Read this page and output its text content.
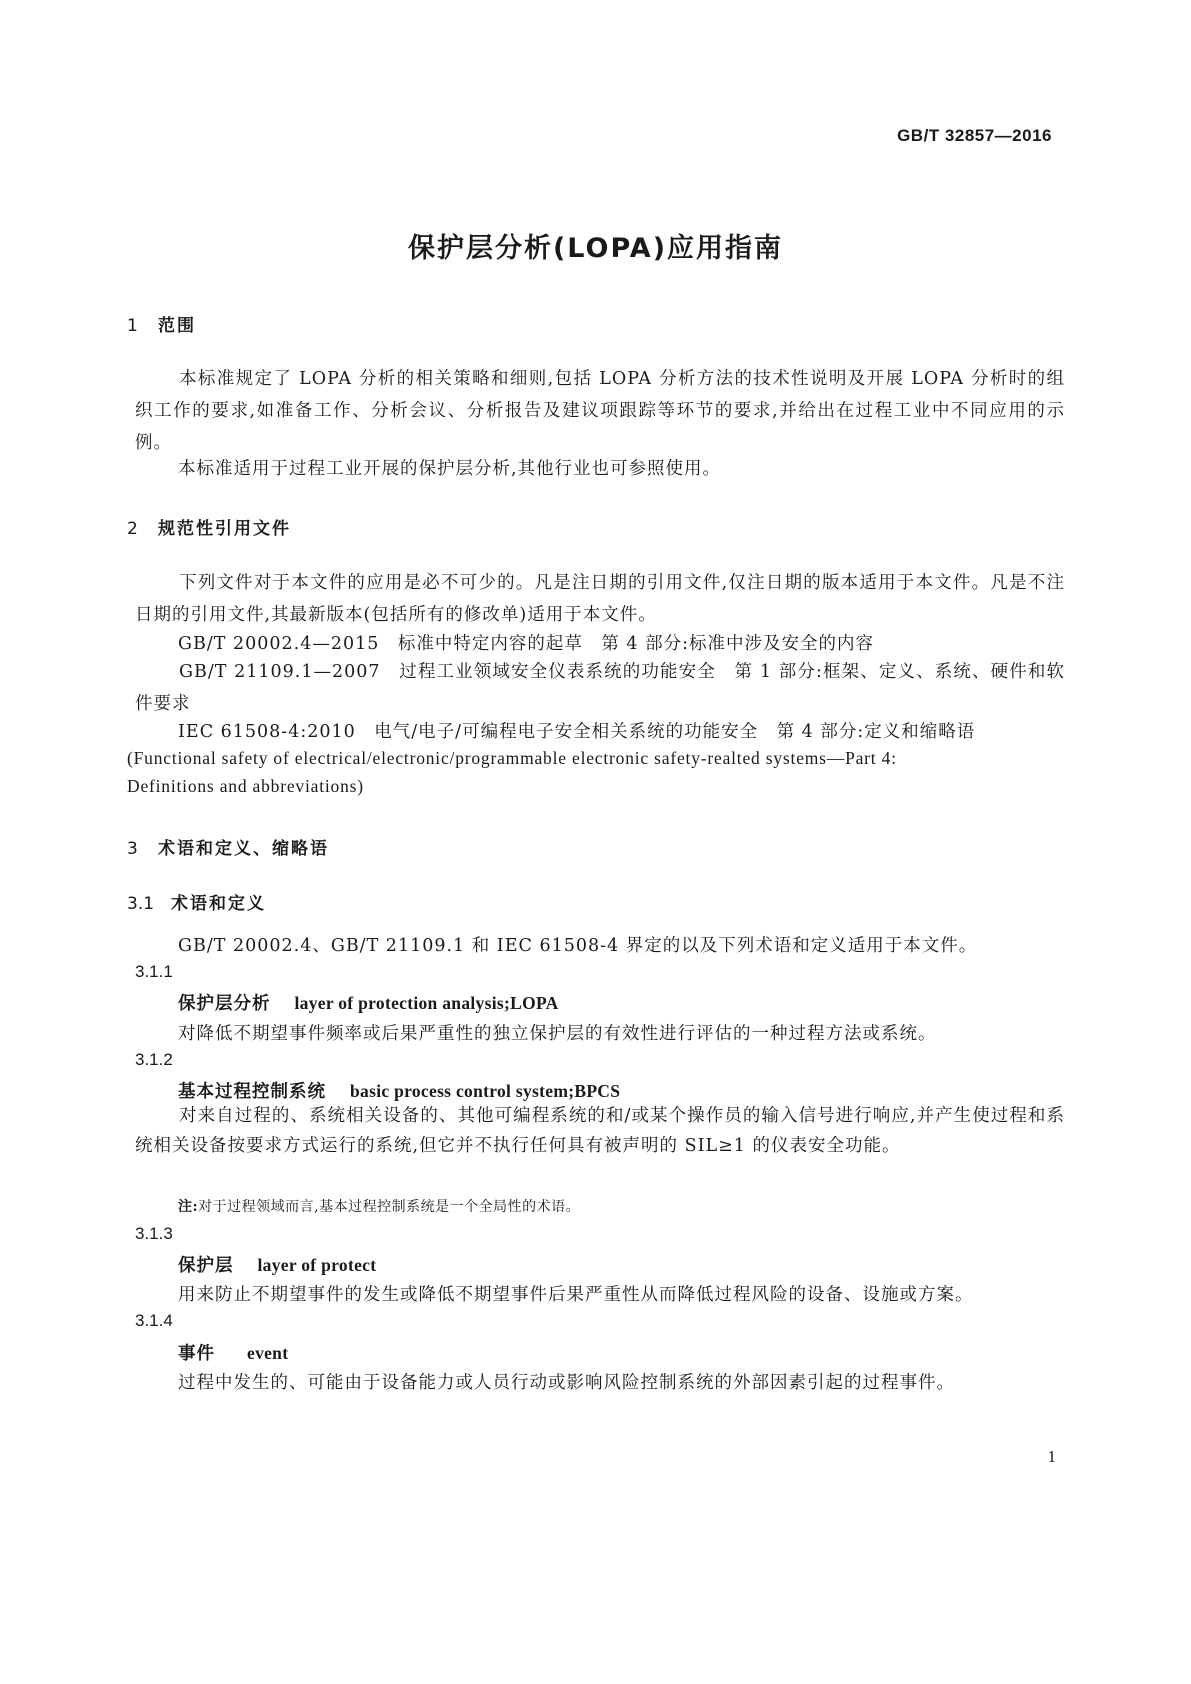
GB/T 32857—2016
保护层分析(LOPA)应用指南
1 范围
本标准规定了 LOPA 分析的相关策略和细则,包括 LOPA 分析方法的技术性说明及开展 LOPA 分析时的组织工作的要求,如准备工作、分析会议、分析报告及建议项跟踪等环节的要求,并给出在过程工业中不同应用的示例。
本标准适用于过程工业开展的保护层分析,其他行业也可参照使用。
2 规范性引用文件
下列文件对于本文件的应用是必不可少的。凡是注日期的引用文件,仅注日期的版本适用于本文件。凡是不注日期的引用文件,其最新版本(包括所有的修改单)适用于本文件。
GB/T 20002.4—2015　标准中特定内容的起草　第 4 部分:标准中涉及安全的内容
GB/T 21109.1—2007　过程工业领域安全仪表系统的功能安全　第 1 部分:框架、定义、系统、硬件和软件要求
IEC 61508-4:2010　电气/电子/可编程电子安全相关系统的功能安全　第 4 部分:定义和缩略语
(Functional safety of electrical/electronic/programmable electronic safety-realted systems—Part 4:
Definitions and abbreviations)
3 术语和定义、缩略语
3.1 术语和定义
GB/T 20002.4、GB/T 21109.1 和 IEC 61508-4 界定的以及下列术语和定义适用于本文件。
3.1.1
保护层分析 layer of protection analysis;LOPA
对降低不期望事件频率或后果严重性的独立保护层的有效性进行评估的一种过程方法或系统。
3.1.2
基本过程控制系统 basic process control system;BPCS
对来自过程的、系统相关设备的、其他可编程系统的和/或某个操作员的输入信号进行响应,并产生使过程和系统相关设备按要求方式运行的系统,但它并不执行任何具有被声明的 SIL≥1 的仪表安全功能。
注:对于过程领域而言,基本过程控制系统是一个全局性的术语。
3.1.3
保护层 layer of protect
用来防止不期望事件的发生或降低不期望事件后果严重性从而降低过程风险的设备、设施或方案。
3.1.4
事件 event
过程中发生的、可能由于设备能力或人员行动或影响风险控制系统的外部因素引起的过程事件。
1
